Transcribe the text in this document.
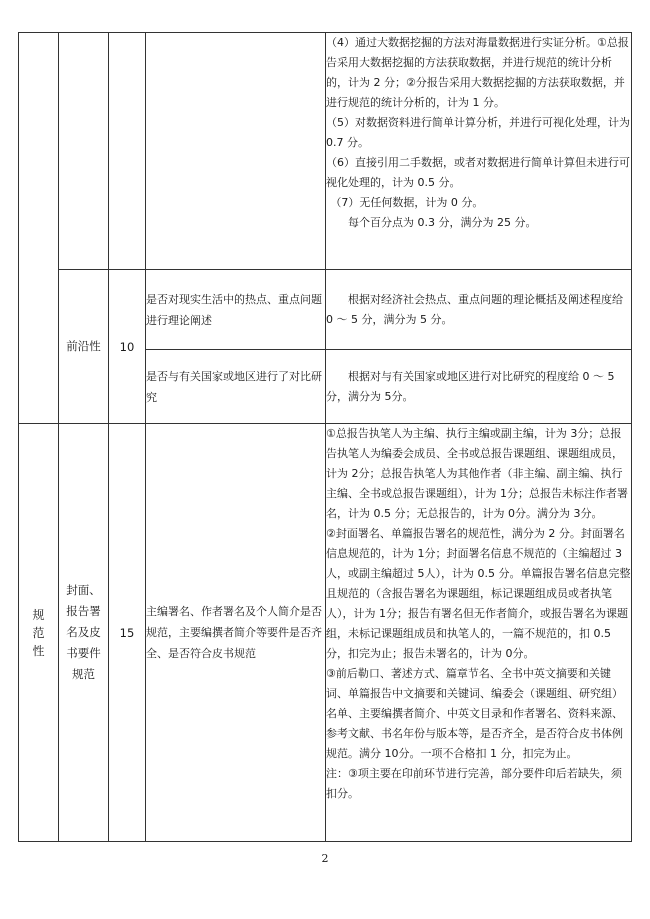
				（4）通过大数据挖掘的方法对海量数据进行实证分析。①总报告采用大数据挖掘的方法获取数据，并进行规范的统计分析的，计为 2 分；②分报告采用大数据挖掘的方法获取数据，并进行规范的统计分析的，计为 1 分。

（5）对数据资料进行简单计算分析，并进行可视化处理，计为 0.7 分。

（6）直接引用二手数据，或者对数据进行简单计算但未进行可视化处理的，计为 0.5 分。

（7）无任何数据，计为 0 分。

每个百分点为 0.3 分，满分为 25 分。

	前沿性	10	是否对现实生活中的热点、重点问题进行理论阐述	根据对经济社会热点、重点问题的理论概括及阐述程度给 0 ～ 5 分，满分为 5 分。

			是否与有关国家或地区进行了对比研究	根据对与有关国家或地区进行对比研究的程度给 0 ～ 5分，满分为 5分。

规范性	封面、报告署名及皮书要件规范	15	主编署名、作者署名及个人简介是否规范，主要编撰者简介等要件是否齐全、是否符合皮书规范	①总报告执笔人为主编、执行主编或副主编，计为 3分；总报告执笔人为编委会成员、全书或总报告课题组、课题组成员，计为 2分；总报告执笔人为其他作者（非主编、副主编、执行主编、全书或总报告课题组），计为 1分；总报告未标注作者署名，计为 0.5 分；无总报告的，计为 0分。满分为 3分。

②封面署名、单篇报告署名的规范性，满分为 2 分。封面署名信息规范的，计为 1分；封面署名信息不规范的（主编超过 3人，或副主编超过 5人），计为 0.5 分。单篇报告署名信息完整且规范的（含报告署名为课题组，标记课题组成员或者执笔人），计为 1分；报告有署名但无作者简介，或报告署名为课题组，未标记课题组成员和执笔人的，一篇不规范的，扣 0.5 分，扣完为止；报告未署名的，计为 0分。

③前后勒口、著述方式、篇章节名、全书中英文摘要和关键词、单篇报告中文摘要和关键词、编委会（课题组、研究组）名单、主要编撰者简介、中英文目录和作者署名、资料来源、参考文献、书名年份与版本等，是否齐全，是否符合皮书体例规范。满分 10分。一项不合格扣 1 分，扣完为止。

注：③项主要在印前环节进行完善，部分要件印后若缺失，须扣分。

2
